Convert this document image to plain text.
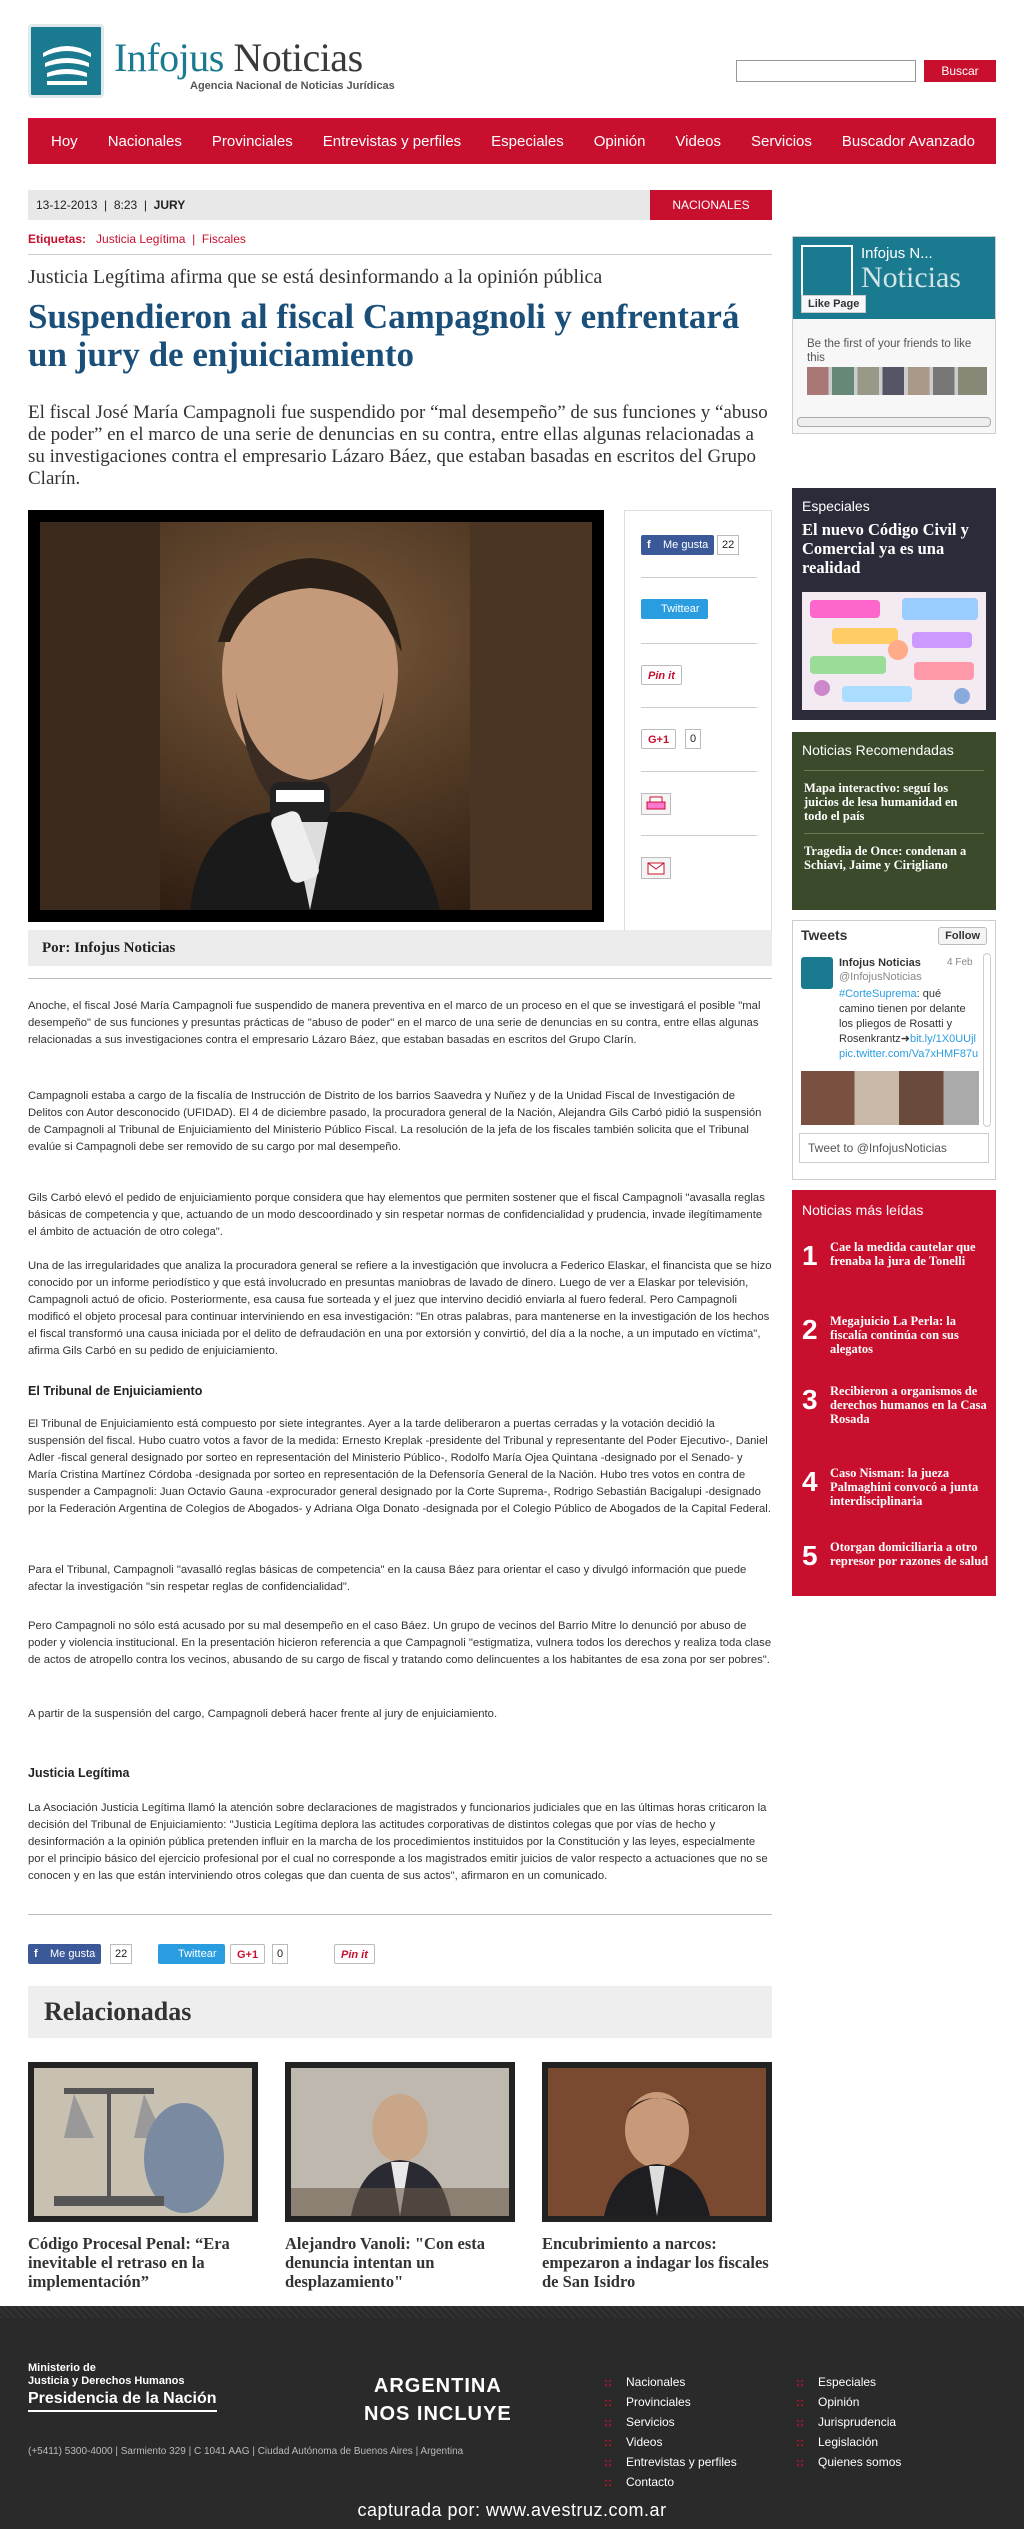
Infojus Noticias
Agencia Nacional de Noticias Jurídicas
Buscar
Hoy	Nacionales	Provinciales	Entrevistas y perfiles	Especiales	Opinión	Videos	Servicios	Buscador Avanzado
13-12-2013  |  8:23  |  JURY	NACIONALES
Etiquetas: Justicia Legítima  |  Fiscales
Justicia Legítima afirma que se está desinformando a la opinión pública
Suspendieron al fiscal Campagnoli y enfrentará un jury de enjuiciamiento
El fiscal José María Campagnoli fue suspendido por “mal desempeño” de sus funciones y “abuso de poder” en el marco de una serie de denuncias en su contra, entre ellas algunas relacionadas a su investigaciones contra el empresario Lázaro Báez, que estaban basadas en escritos del Grupo Clarín.
f Me gusta	22
Twittear
Pin it
G+1	0
Por: Infojus Noticias

Anoche, el fiscal José María Campagnoli fue suspendido de manera preventiva en el marco de un proceso en el que se investigará el posible "mal desempeño" de sus funciones y presuntas prácticas de "abuso de poder" en el marco de una serie de denuncias en su contra, entre ellas algunas relacionadas a sus investigaciones contra el empresario Lázaro Báez, que estaban basadas en escritos del Grupo Clarín.

Campagnoli estaba a cargo de la fiscalía de Instrucción de Distrito de los barrios Saavedra y Nuñez y de la Unidad Fiscal de Investigación de Delitos con Autor desconocido (UFIDAD). El 4 de diciembre pasado, la procuradora general de la Nación, Alejandra Gils Carbó pidió la suspensión de Campagnoli al Tribunal de Enjuiciamiento del Ministerio Público Fiscal. La resolución de la jefa de los fiscales también solicita que el Tribunal evalúe si Campagnoli debe ser removido de su cargo por mal desempeño.

Gils Carbó elevó el pedido de enjuiciamiento porque considera que hay elementos que permiten sostener que el fiscal Campagnoli "avasalla reglas básicas de competencia y que, actuando de un modo descoordinado y sin respetar normas de confidencialidad y prudencia, invade ilegítimamente el ámbito de actuación de otro colega".

Una de las irregularidades que analiza la procuradora general se refiere a la investigación que involucra a Federico Elaskar, el financista que se hizo conocido por un informe periodístico y que está involucrado en presuntas maniobras de lavado de dinero. Luego de ver a Elaskar por televisión, Campagnoli actuó de oficio. Posteriormente, esa causa fue sorteada y el juez que intervino decidió enviarla al fuero federal. Pero Campagnoli modificó el objeto procesal para continuar interviniendo en esa investigación: "En otras palabras, para mantenerse en la investigación de los hechos el fiscal transformó una causa iniciada por el delito de defraudación en una por extorsión y convirtió, del día a la noche, a un imputado en víctima", afirma Gils Carbó en su pedido de enjuiciamiento.

El Tribunal de Enjuiciamiento

El Tribunal de Enjuiciamiento está compuesto por siete integrantes. Ayer a la tarde deliberaron a puertas cerradas y la votación decidió la suspensión del fiscal. Hubo cuatro votos a favor de la medida: Ernesto Kreplak -presidente del Tribunal y representante del Poder Ejecutivo-, Daniel Adler -fiscal general designado por sorteo en representación del Ministerio Público-, Rodolfo María Ojea Quintana -designado por el Senado- y María Cristina Martínez Córdoba -designada por sorteo en representación de la Defensoría General de la Nación. Hubo tres votos en contra de suspender a Campagnoli: Juan Octavio Gauna -exprocurador general designado por la Corte Suprema-, Rodrigo Sebastián Bacigalupi -designado por la Federación Argentina de Colegios de Abogados- y Adriana Olga Donato -designada por el Colegio Público de Abogados de la Capital Federal.

Para el Tribunal, Campagnoli "avasalló reglas básicas de competencia" en la causa Báez para orientar el caso y divulgó información que puede afectar la investigación "sin respetar reglas de confidencialidad".

Pero Campagnoli no sólo está acusado por su mal desempeño en el caso Báez. Un grupo de vecinos del Barrio Mitre lo denunció por abuso de poder y violencia institucional. En la presentación hicieron referencia a que Campagnoli "estigmatiza, vulnera todos los derechos y realiza toda clase de actos de atropello contra los vecinos, abusando de su cargo de fiscal y tratando como delincuentes a los habitantes de esa zona por ser pobres".

A partir de la suspensión del cargo, Campagnoli deberá hacer frente al jury de enjuiciamiento.

Justicia Legítima

La Asociación Justicia Legítima llamó la atención sobre declaraciones de magistrados y funcionarios judiciales que en las últimas horas criticaron la decisión del Tribunal de Enjuiciamiento: "Justicia Legítima deplora las actitudes corporativas de distintos colegas que por vías de hecho y desinformación a la opinión pública pretenden influir en la marcha de los procedimientos instituidos por la Constitución y las leyes, especialmente por el principio básico del ejercicio profesional por el cual no corresponde a los magistrados emitir juicios de valor respecto a actuaciones que no se conocen y en las que están interviniendo otros colegas que dan cuenta de sus actos", afirmaron en un comunicado.

f Me gusta	22	Twittear	G+1	0	Pin it
Relacionadas
Código Procesal Penal: “Era inevitable el retraso en la implementación”
Alejandro Vanoli: "Con esta denuncia intentan un desplazamiento"
Encubrimiento a narcos: empezaron a indagar los fiscales de San Isidro
Infojus N...
Noticias
Like Page
Be the first of your friends to like this
Especiales
El nuevo Código Civil y Comercial ya es una realidad
Noticias Recomendadas
Mapa interactivo: seguí los juicios de lesa humanidad en todo el país
Tragedia de Once: condenan a Schiavi, Jaime y Cirigliano
Tweets	Follow
Infojus Noticias
@InfojusNoticias
4 Feb
#CorteSuprema: qué camino tienen por delante los pliegos de Rosatti y Rosenkrantz➜bit.ly/1X0UUjl pic.twitter.com/Va7xHMF87u
Tweet to @InfojusNoticias
Noticias más leídas
1 Cae la medida cautelar que frenaba la jura de Tonelli
2 Megajuicio La Perla: la fiscalía continúa con sus alegatos
3 Recibieron a organismos de derechos humanos en la Casa Rosada
4 Caso Nisman: la jueza Palmaghini convocó a junta interdisciplinaria
5 Otorgan domiciliaria a otro represor por razones de salud
Ministerio de
Justicia y Derechos Humanos
Presidencia de la Nación
(+5411) 5300-4000 | Sarmiento 329 | C 1041 AAG | Ciudad Autónoma de Buenos Aires | Argentina
ARGENTINA
NOS INCLUYE
:: Nacionales
:: Provinciales
:: Servicios
:: Videos
:: Entrevistas y perfiles
:: Contacto
:: Especiales
:: Opinión
:: Jurisprudencia
:: Legislación
:: Quienes somos
capturada por: www.avestruz.com.ar
